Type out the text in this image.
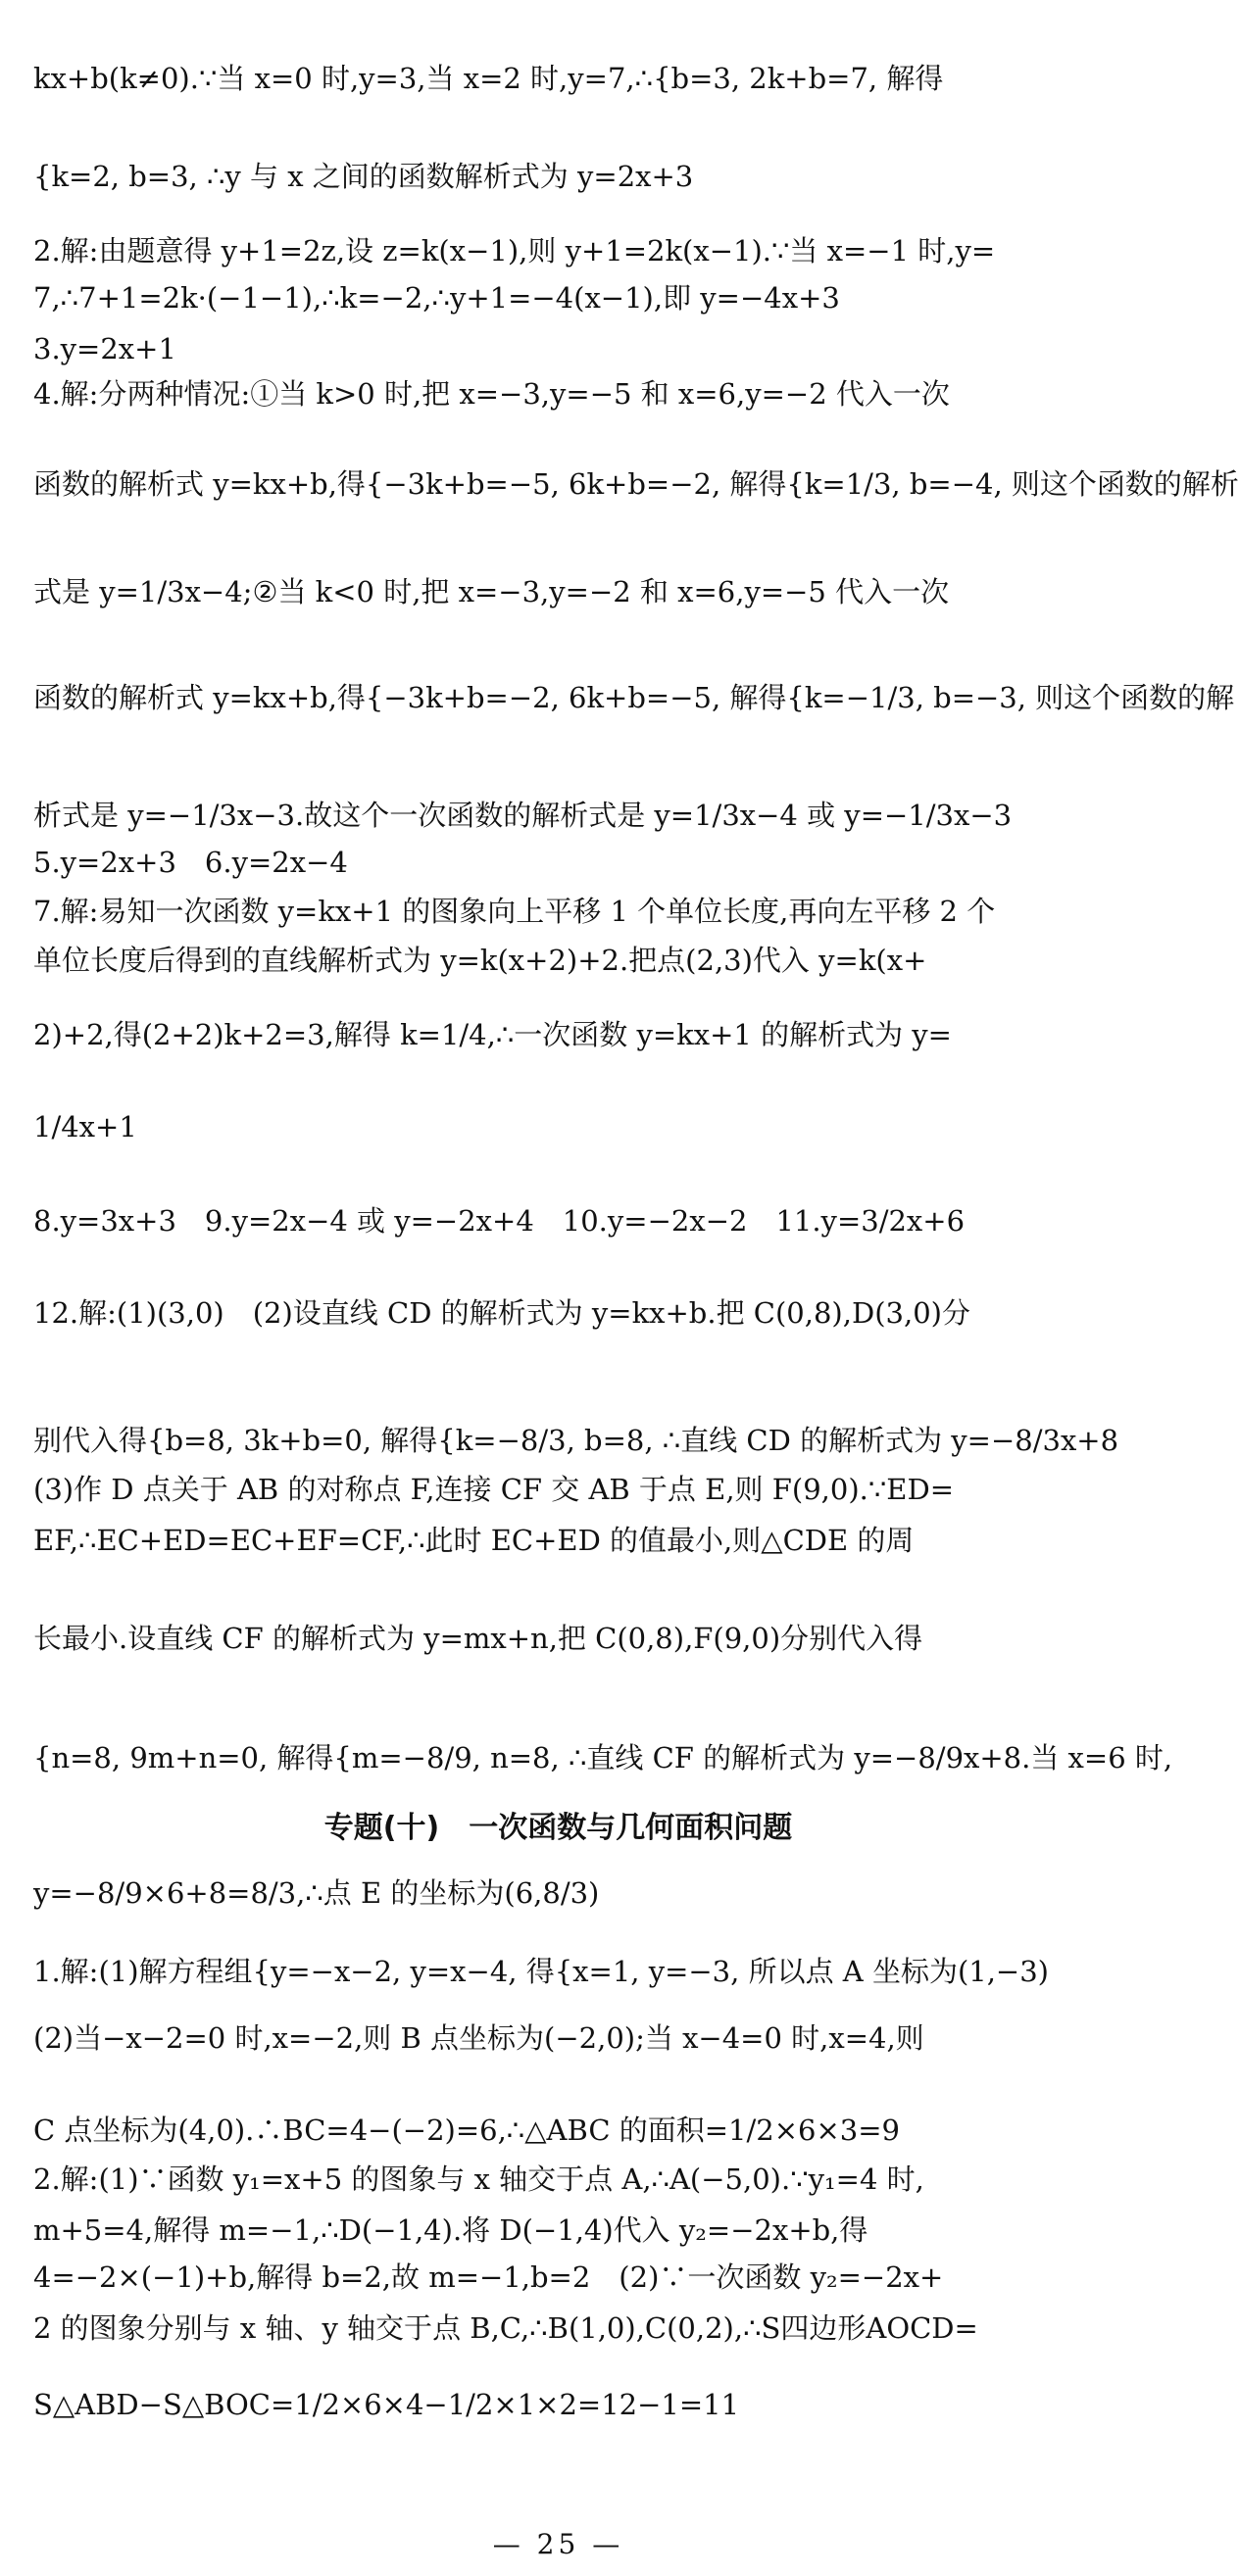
kx+b(k≠0).∵当 x=0 时,y=3,当 x=2 时,y=7,∴{b=3, 2k+b=7, 解得
{k=2, b=3, ∴y 与 x 之间的函数解析式为 y=2x+3
2.解:由题意得 y+1=2z,设 z=k(x−1),则 y+1=2k(x−1).∵当 x=−1 时,y=
7,∴7+1=2k·(−1−1),∴k=−2,∴y+1=−4(x−1),即 y=−4x+3
3.y=2x+1
4.解:分两种情况:①当 k>0 时,把 x=−3,y=−5 和 x=6,y=−2 代入一次
函数的解析式 y=kx+b,得{−3k+b=−5, 6k+b=−2, 解得{k=1/3, b=−4, 则这个函数的解析
式是 y=1/3x−4;②当 k<0 时,把 x=−3,y=−2 和 x=6,y=−5 代入一次
函数的解析式 y=kx+b,得{−3k+b=−2, 6k+b=−5, 解得{k=−1/3, b=−3, 则这个函数的解
析式是 y=−1/3x−3.故这个一次函数的解析式是 y=1/3x−4 或 y=−1/3x−3
5.y=2x+3　6.y=2x−4
7.解:易知一次函数 y=kx+1 的图象向上平移 1 个单位长度,再向左平移 2 个
单位长度后得到的直线解析式为 y=k(x+2)+2.把点(2,3)代入 y=k(x+
2)+2,得(2+2)k+2=3,解得 k=1/4,∴一次函数 y=kx+1 的解析式为 y=
1/4x+1
8.y=3x+3　9.y=2x−4 或 y=−2x+4　10.y=−2x−2　11.y=3/2x+6
12.解:(1)(3,0)　(2)设直线 CD 的解析式为 y=kx+b.把 C(0,8),D(3,0)分
别代入得{b=8, 3k+b=0, 解得{k=−8/3, b=8, ∴直线 CD 的解析式为 y=−8/3x+8
(3)作 D 点关于 AB 的对称点 F,连接 CF 交 AB 于点 E,则 F(9,0).∵ED=
EF,∴EC+ED=EC+EF=CF,∴此时 EC+ED 的值最小,则△CDE 的周
长最小.设直线 CF 的解析式为 y=mx+n,把 C(0,8),F(9,0)分别代入得
{n=8, 9m+n=0, 解得{m=−8/9, n=8, ∴直线 CF 的解析式为 y=−8/9x+8.当 x=6 时,
专题(十)　一次函数与几何面积问题
y=−8/9×6+8=8/3,∴点 E 的坐标为(6,8/3)
1.解:(1)解方程组{y=−x−2, y=x−4, 得{x=1, y=−3, 所以点 A 坐标为(1,−3)
(2)当−x−2=0 时,x=−2,则 B 点坐标为(−2,0);当 x−4=0 时,x=4,则
C 点坐标为(4,0).∴BC=4−(−2)=6,∴△ABC 的面积=1/2×6×3=9
2.解:(1)∵函数 y₁=x+5 的图象与 x 轴交于点 A,∴A(−5,0).∵y₁=4 时,
m+5=4,解得 m=−1,∴D(−1,4).将 D(−1,4)代入 y₂=−2x+b,得
4=−2×(−1)+b,解得 b=2,故 m=−1,b=2　(2)∵一次函数 y₂=−2x+
2 的图象分别与 x 轴、y 轴交于点 B,C,∴B(1,0),C(0,2),∴S四边形AOCD=
S△ABD−S△BOC=1/2×6×4−1/2×1×2=12−1=11
— 25 —
